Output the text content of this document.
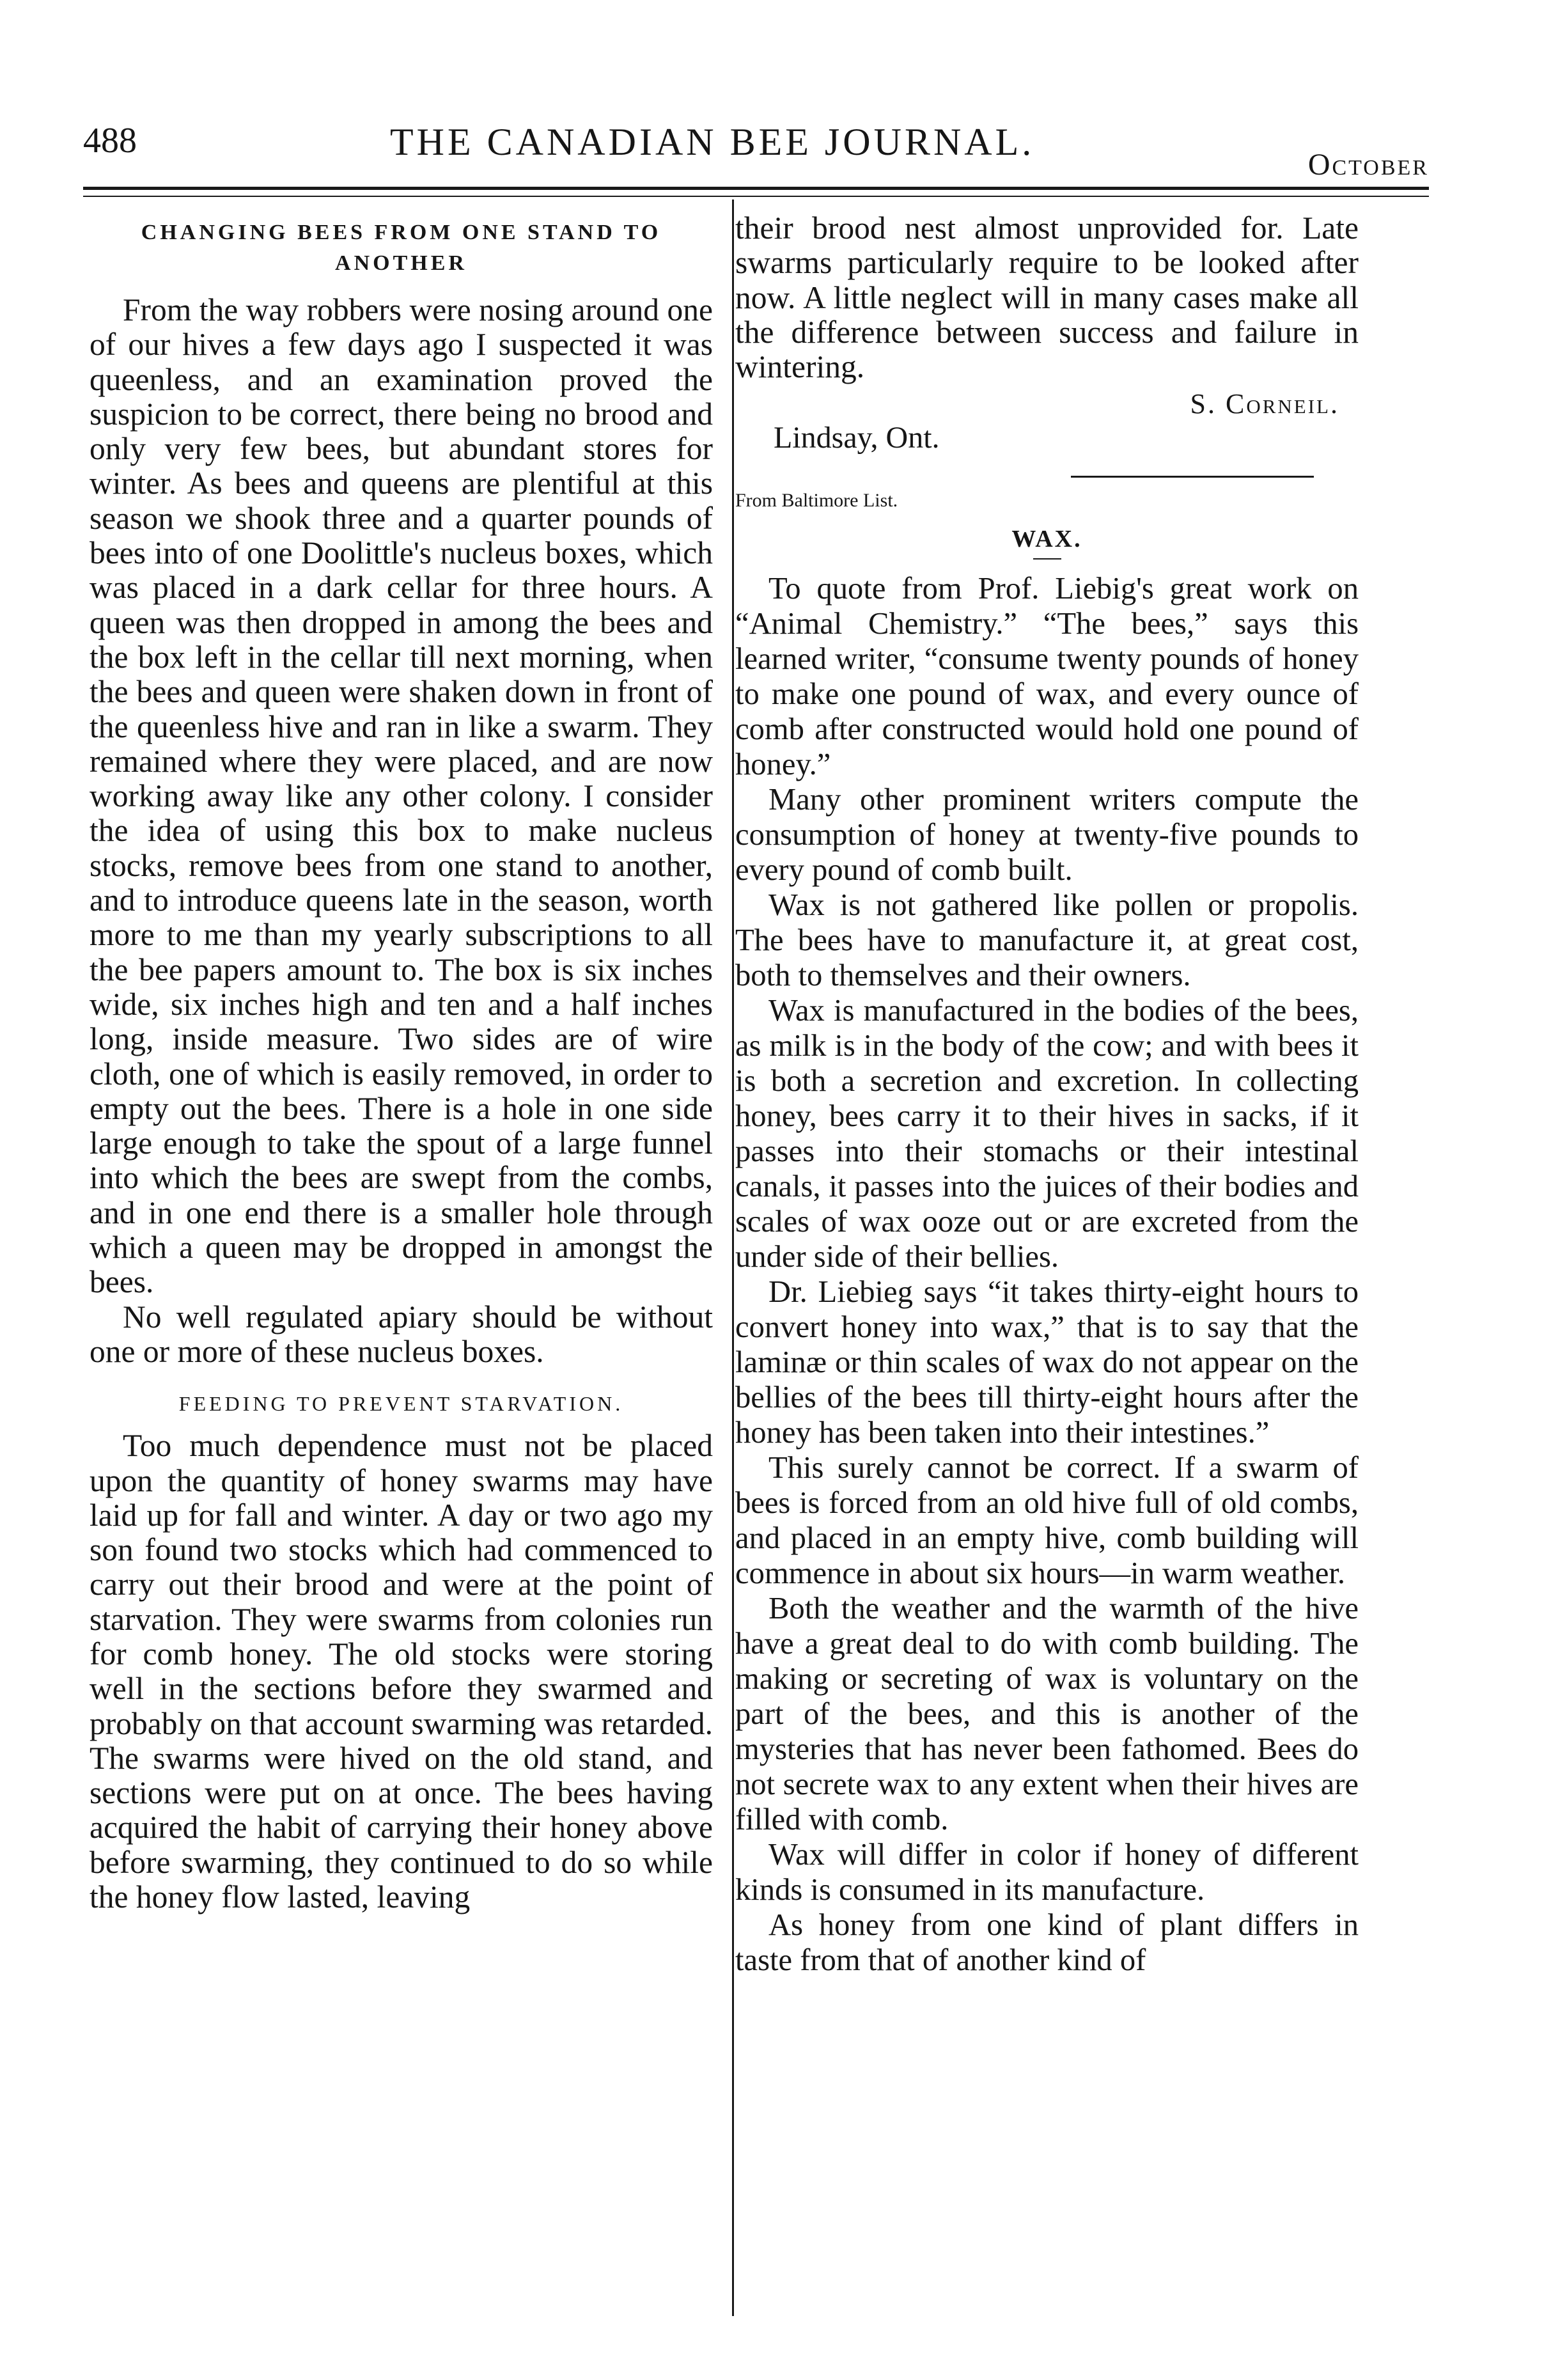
488	THE CANADIAN BEE JOURNAL.
October
CHANGING BEES FROM ONE STAND TO ANOTHER

From the way robbers were nosing around one of our hives a few days ago I suspected it was queenless, and an examination proved the suspicion to be correct, there being no brood and only very few bees, but abundant stores for winter. As bees and queens are plentiful at this season we shook three and a quarter pounds of bees into of one Doolittle's nucleus boxes, which was placed in a dark cellar for three hours. A queen was then dropped in among the bees and the box left in the cellar till next morning, when the bees and queen were shaken down in front of the queenless hive and ran in like a swarm. They remained where they were placed, and are now working away like any other colony. I consider the idea of using this box to make nucleus stocks, remove bees from one stand to another, and to introduce queens late in the season, worth more to me than my yearly subscriptions to all the bee papers amount to. The box is six inches wide, six inches high and ten and a half inches long, inside measure. Two sides are of wire cloth, one of which is easily removed, in order to empty out the bees. There is a hole in one side large enough to take the spout of a large funnel into which the bees are swept from the combs, and in one end there is a smaller hole through which a queen may be dropped in amongst the bees.

No well regulated apiary should be without one or more of these nucleus boxes.

FEEDING TO PREVENT STARVATION.

Too much dependence must not be placed upon the quantity of honey swarms may have laid up for fall and winter. A day or two ago my son found two stocks which had commenced to carry out their brood and were at the point of starvation. They were swarms from colonies run for comb honey. The old stocks were storing well in the sections before they swarmed and probably on that account swarming was retarded. The swarms were hived on the old stand, and sections were put on at once. The bees having acquired the habit of carrying their honey above before swarming, they continued to do so while the honey flow lasted, leaving

their brood nest almost unprovided for. Late swarms particularly require to be looked after now. A little neglect will in many cases make all the difference between success and failure in wintering.

S. Corneil.
Lindsay, Ont.
From Baltimore List.
WAX.

To quote from Prof. Liebig's great work on “Animal Chemistry.” “The bees,” says this learned writer, “consume twenty pounds of honey to make one pound of wax, and every ounce of comb after constructed would hold one pound of honey.”

Many other prominent writers compute the consumption of honey at twenty-five pounds to every pound of comb built.

Wax is not gathered like pollen or propolis. The bees have to manufacture it, at great cost, both to themselves and their owners.

Wax is manufactured in the bodies of the bees, as milk is in the body of the cow; and with bees it is both a secretion and excretion. In collecting honey, bees carry it to their hives in sacks, if it passes into their stomachs or their intestinal canals, it passes into the juices of their bodies and scales of wax ooze out or are excreted from the under side of their bellies.

Dr. Liebieg says “it takes thirty-eight hours to convert honey into wax,” that is to say that the laminæ or thin scales of wax do not appear on the bellies of the bees till thirty-eight hours after the honey has been taken into their intestines.”

This surely cannot be correct. If a swarm of bees is forced from an old hive full of old combs, and placed in an empty hive, comb building will commence in about six hours—in warm weather.

Both the weather and the warmth of the hive have a great deal to do with comb building. The making or secreting of wax is voluntary on the part of the bees, and this is another of the mysteries that has never been fathomed. Bees do not secrete wax to any extent when their hives are filled with comb.

Wax will differ in color if honey of different kinds is consumed in its manufacture.

As honey from one kind of plant differs in taste from that of another kind of
